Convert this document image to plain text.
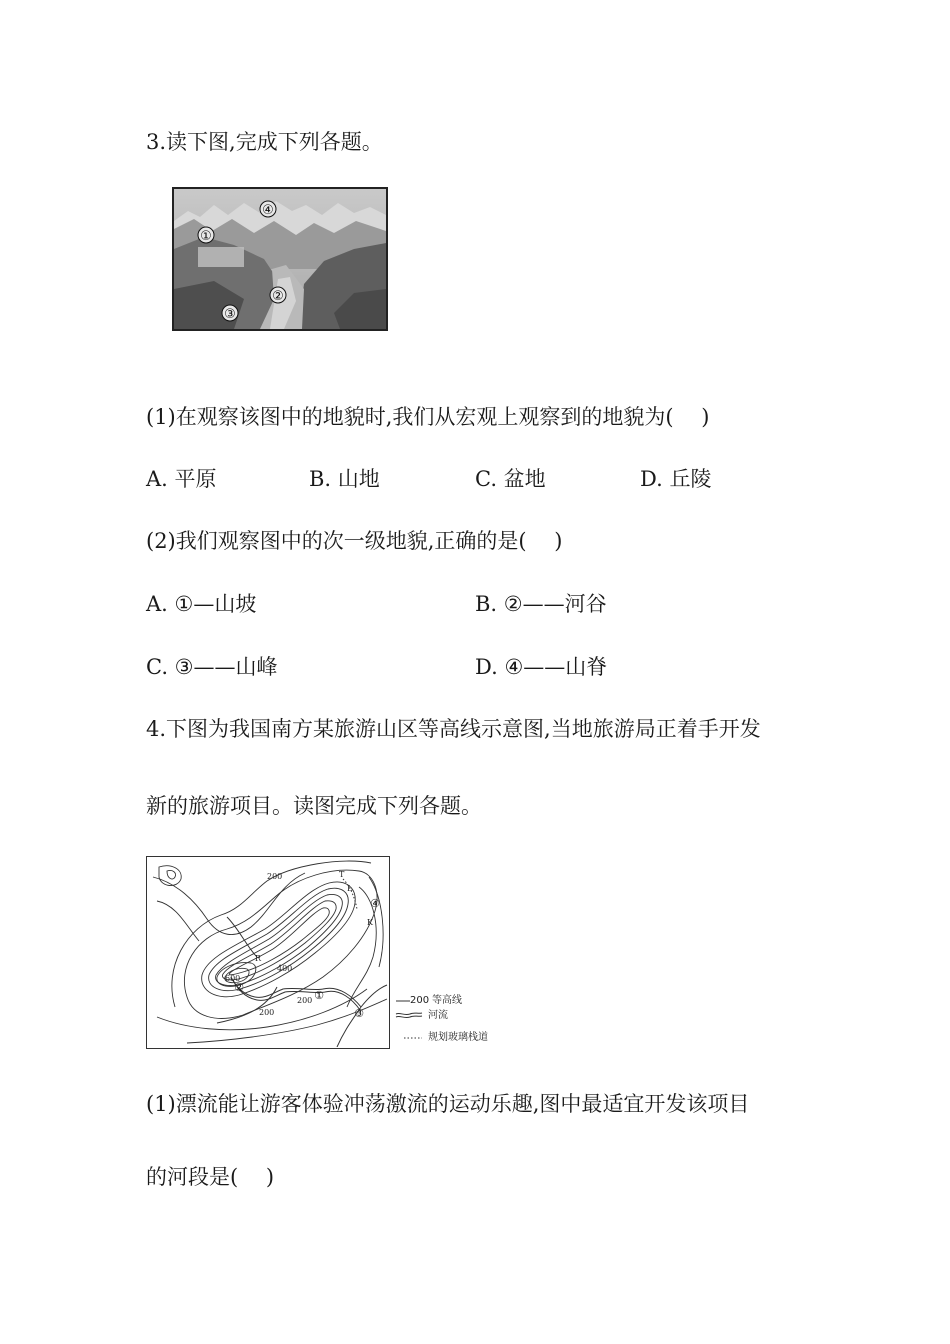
3.读下图,完成下列各题。
④
①
②
③
(1)在观察该图中的地貌时,我们从宏观上观察到的地貌为(　 )
A. 平原	B. 山地	C. 盆地	D. 丘陵
(2)我们观察图中的次一级地貌,正确的是(　 )
A. ①—山坡	B. ②——河谷
C. ③——山峰	D. ④——山脊
4.下图为我国南方某旅游山区等高线示意图,当地旅游局正着手开发
新的旅游项目。读图完成下列各题。
200
200
200
400
600
R
T
L
K
④
①
②
③
200 等高线
河流
规划玻璃栈道
(1)漂流能让游客体验冲荡激流的运动乐趣,图中最适宜开发该项目
的河段是(　 )
